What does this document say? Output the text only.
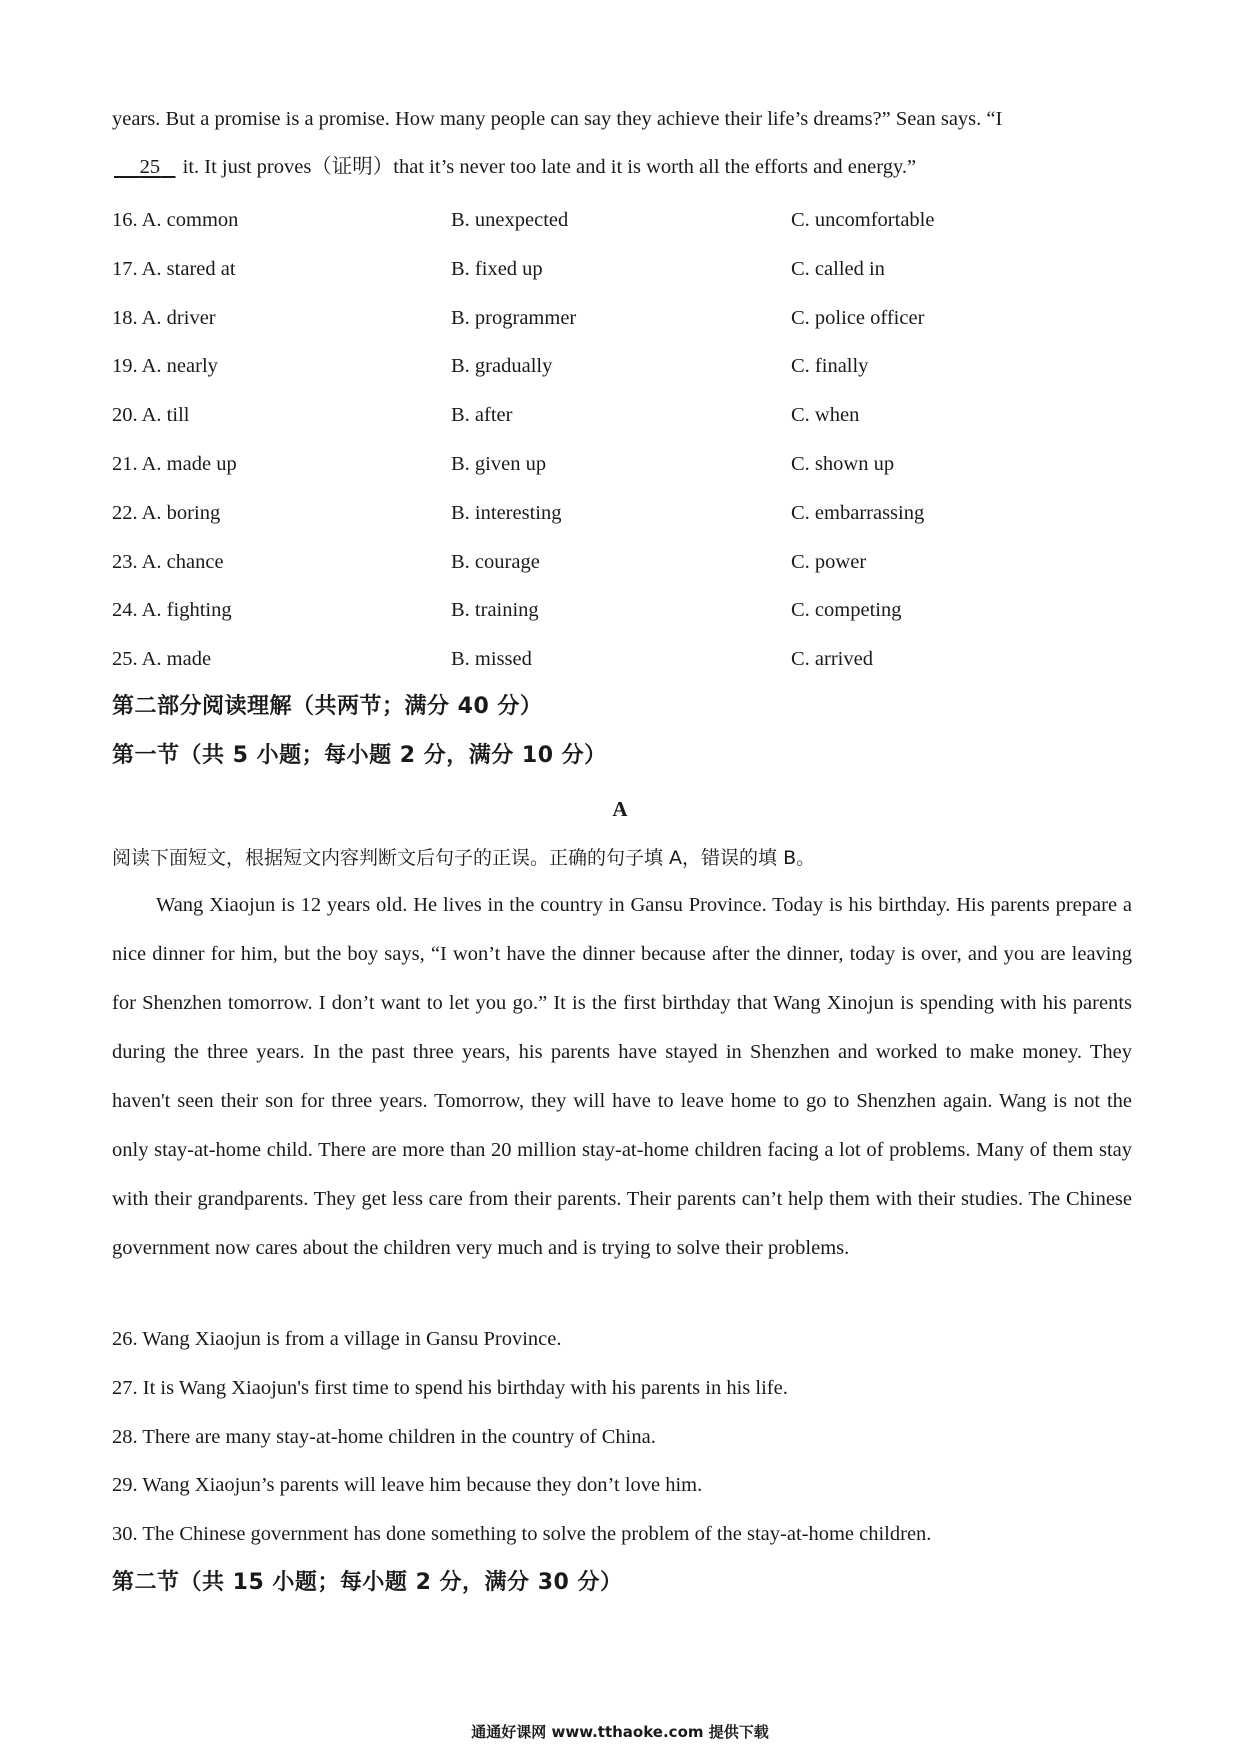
years. But a promise is a promise. How many people can say they achieve their life’s dreams?” Sean says. “I
25    it. It just proves（证明）that it’s never too late and it is worth all the efforts and energy.”
16. A. common	B. unexpected	C. uncomfortable
17. A. stared at	B. fixed up	C. called in
18. A. driver	B. programmer	C. police officer
19. A. nearly	B. gradually	C. finally
20. A. till	B. after	C. when
21. A. made up	B. given up	C. shown up
22. A. boring	B. interesting	C. embarrassing
23. A. chance	B. courage	C. power
24. A. fighting	B. training	C. competing
25. A. made	B. missed	C. arrived
第二部分阅读理解（共两节；满分 40 分）
第一节（共 5 小题；每小题 2 分，满分 10 分）
A
阅读下面短文，根据短文内容判断文后句子的正误。正确的句子填 A，错误的填 B。
Wang Xiaojun is 12 years old. He lives in the country in Gansu Province. Today is his birthday. His parents prepare a nice dinner for him, but the boy says, “I won’t have the dinner because after the dinner, today is over, and you are leaving for Shenzhen tomorrow. I don’t want to let you go.” It is the first birthday that Wang Xinojun is spending with his parents during the three years. In the past three years, his parents have stayed in Shenzhen and worked to make money. They haven't seen their son for three years. Tomorrow, they will have to leave home to go to Shenzhen again. Wang is not the only stay-at-home child. There are more than 20 million stay-at-home children facing a lot of problems. Many of them stay with their grandparents. They get less care from their parents. Their parents can’t help them with their studies. The Chinese government now cares about the children very much and is trying to solve their problems.
26. Wang Xiaojun is from a village in Gansu Province.
27. It is Wang Xiaojun's first time to spend his birthday with his parents in his life.
28. There are many stay-at-home children in the country of China.
29. Wang Xiaojun’s parents will leave him because they don’t love him.
30. The Chinese government has done something to solve the problem of the stay-at-home children.
第二节（共 15 小题；每小题 2 分，满分 30 分）
通通好课网 www.tthaoke.com 提供下载
